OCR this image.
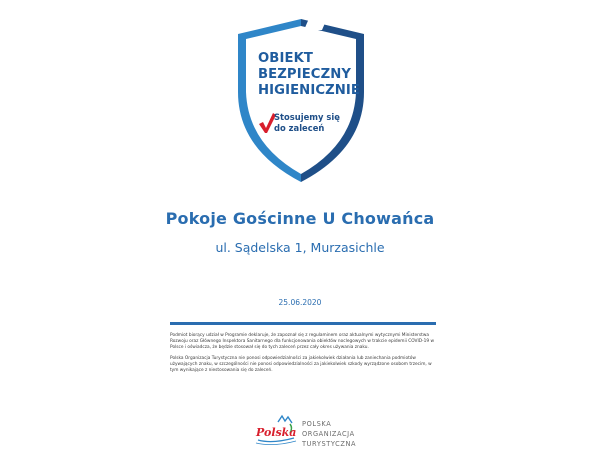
OBIEKT
BEZPIECZNY
HIGIENICZNIE
Stosujemy się
do zaleceń
Pokoje Gościnne U Chowańca
ul. Sądelska 1, Murzasichle
25.06.2020

Podmiot biorący udział w Programie deklaruje, że zapoznał się z regulaminem oraz aktualnymi wytycznymi Ministerstwa Rozwoju oraz Głównego Inspektora Sanitarnego dla funkcjonowania obiektów noclegowych w trakcie epidemii COVID-19 w Polsce i oświadcza, że będzie stosował się do tych zaleceń przez cały okres używania znaku.

Polska Organizacja Turystyczna nie ponosi odpowiedzialności za jakiekolwiek działania lub zaniechania podmiotów używających znaku, w szczególności nie ponosi odpowiedzialności za jakiekolwiek szkody wyrządzone osobom trzecim, w tym wynikające z niestosowania się do zaleceń.

Polska
POLSKA
ORGANIZACJA
TURYSTYCZNA
